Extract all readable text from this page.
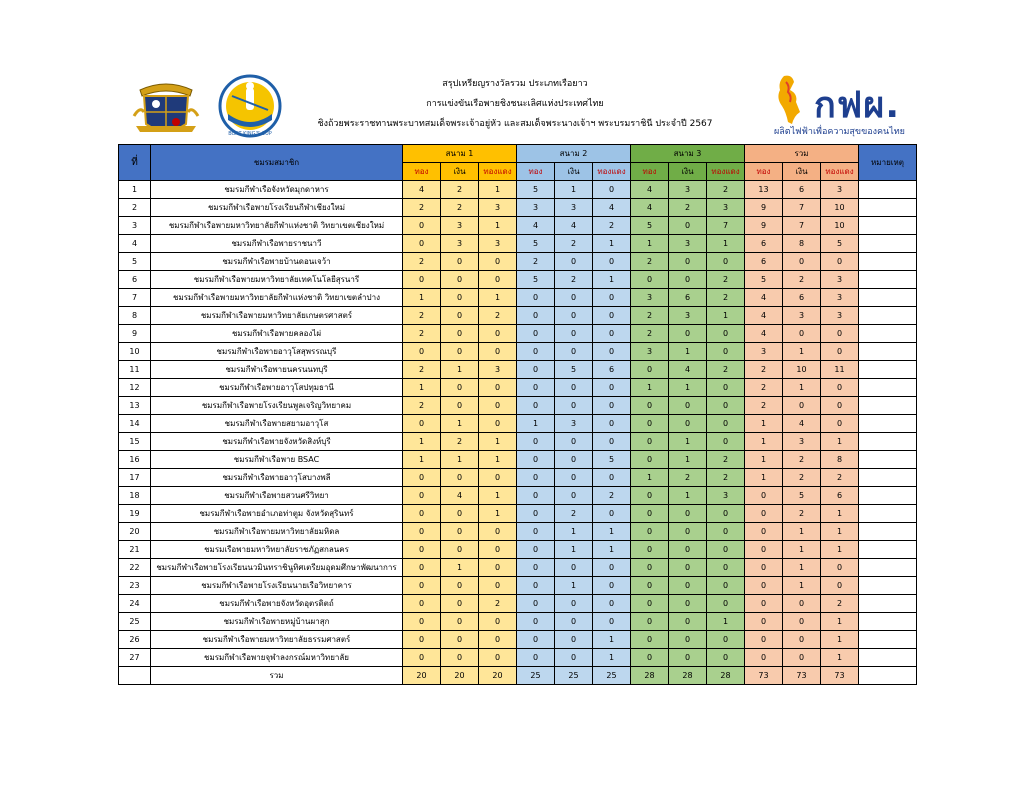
BOAT KING'S CUP
สรุปเหรียญรางวัลรวม ประเภทเรือยาว
การแข่งขันเรือพายชิงชนะเลิศแห่งประเทศไทย
ชิงถ้วยพระราชทานพระบาทสมเด็จพระเจ้าอยู่หัว และสมเด็จพระนางเจ้าฯ พระบรมราชินี ประจำปี 2567	กฟผ.
ผลิตไฟฟ้าเพื่อความสุขของคนไทย
ที่	ชมรมสมาชิก	สนาม 1			สนาม 2			สนาม 3			รวม			หมายเหตุ
		ทอง	เงิน	ทองแดง	ทอง	เงิน	ทองแดง	ทอง	เงิน	ทองแดง	ทอง	เงิน	ทองแดง	
1	ชมรมกีฬาเรือจังหวัดมุกดาหาร	4	2	1	5	1	0	4	3	2	13	6	3	
2	ชมรมกีฬาเรือพายโรงเรียนกีฬาเชียงใหม่	2	2	3	3	3	4	4	2	3	9	7	10	
3	ชมรมกีฬาเรือพายมหาวิทยาลัยกีฬาแห่งชาติ วิทยาเขตเชียงใหม่	0	3	1	4	4	2	5	0	7	9	7	10	
4	ชมรมกีฬาเรือพายราชนาวี	0	3	3	5	2	1	1	3	1	6	8	5	
5	ชมรมกีฬาเรือพายบ้านดอนเจว้า	2	0	0	2	0	0	2	0	0	6	0	0	
6	ชมรมกีฬาเรือพายมหาวิทยาลัยเทคโนโลยีสุรนารี	0	0	0	5	2	1	0	0	2	5	2	3	
7	ชมรมกีฬาเรือพายมหาวิทยาลัยกีฬาแห่งชาติ วิทยาเขตลำปาง	1	0	1	0	0	0	3	6	2	4	6	3	
8	ชมรมกีฬาเรือพายมหาวิทยาลัยเกษตรศาสตร์	2	0	2	0	0	0	2	3	1	4	3	3	
9	ชมรมกีฬาเรือพายคลองไผ่	2	0	0	0	0	0	2	0	0	4	0	0	
10	ชมรมกีฬาเรือพายอาวุโสสุพรรณบุรี	0	0	0	0	0	0	3	1	0	3	1	0	
11	ชมรมกีฬาเรือพายนครนนทบุรี	2	1	3	0	5	6	0	4	2	2	10	11	
12	ชมรมกีฬาเรือพายอาวุโสปทุมธานี	1	0	0	0	0	0	1	1	0	2	1	0	
13	ชมรมกีฬาเรือพายโรงเรียนพูลเจริญวิทยาคม	2	0	0	0	0	0	0	0	0	2	0	0	
14	ชมรมกีฬาเรือพายสยามอาวุโส	0	1	0	1	3	0	0	0	0	1	4	0	
15	ชมรมกีฬาเรือพายจังหวัดสิงห์บุรี	1	2	1	0	0	0	0	1	0	1	3	1	
16	ชมรมกีฬาเรือพาย BSAC	1	1	1	0	0	5	0	1	2	1	2	8	
17	ชมรมกีฬาเรือพายอาวุโสบางพลี	0	0	0	0	0	0	1	2	2	1	2	2	
18	ชมรมกีฬาเรือพายสวนศรีวิทยา	0	4	1	0	0	2	0	1	3	0	5	6	
19	ชมรมกีฬาเรือพายอำเภอท่าตูม จังหวัดสุรินทร์	0	0	1	0	2	0	0	0	0	0	2	1	
20	ชมรมกีฬาเรือพายมหาวิทยาลัยมหิดล	0	0	0	0	1	1	0	0	0	0	1	1	
21	ชมรมเรือพายมหาวิทยาลัยราชภัฏสกลนคร	0	0	0	0	1	1	0	0	0	0	1	1	
22	ชมรมกีฬาเรือพายโรงเรียนนวมินทราชินูทิศเตรียมอุดมศึกษาพัฒนาการ	0	1	0	0	0	0	0	0	0	0	1	0	
23	ชมรมกีฬาเรือพายโรงเรียนนายเรือวิทยาคาร	0	0	0	0	1	0	0	0	0	0	1	0	
24	ชมรมกีฬาเรือพายจังหวัดอุตรดิตถ์	0	0	2	0	0	0	0	0	0	0	0	2	
25	ชมรมกีฬาเรือพายหมู่บ้านผาสุก	0	0	0	0	0	0	0	0	1	0	0	1	
26	ชมรมกีฬาเรือพายมหาวิทยาลัยธรรมศาสตร์	0	0	0	0	0	1	0	0	0	0	0	1	
27	ชมรมกีฬาเรือพายจุฬาลงกรณ์มหาวิทยาลัย	0	0	0	0	0	1	0	0	0	0	0	1	
	รวม	20	20	20	25	25	25	28	28	28	73	73	73	
